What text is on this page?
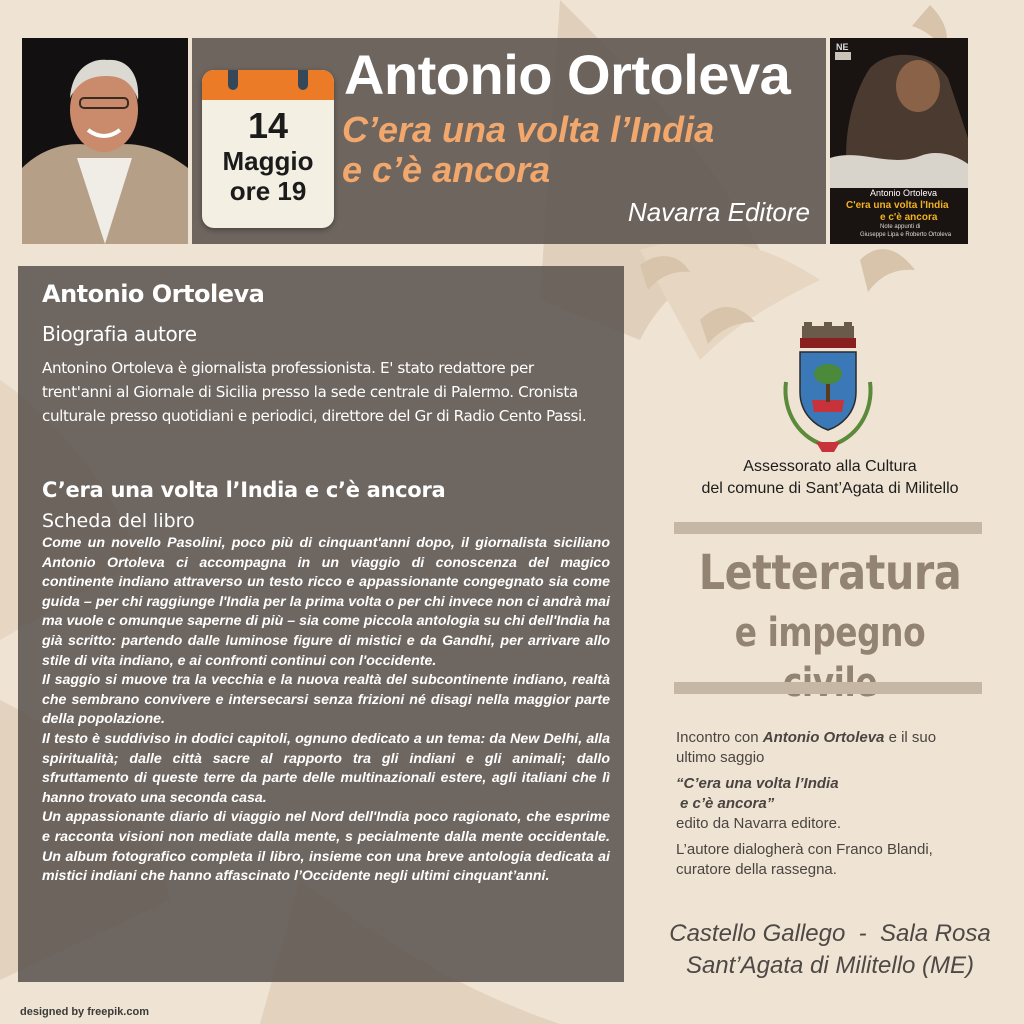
14
Maggio
ore 19
Antonio Ortoleva
C’era una volta l’India
e c’è ancora
Navarra Editore
NE
Antonio Ortoleva
C'era una volta l'India
e c'è ancora
Note appunti di
Giuseppe Lipa e Roberto Ortoleva
Antonio Ortoleva
Biografia autore
Antonino Ortoleva è giornalista professionista. E' stato redattore per trent'anni al Giornale di Sicilia presso la sede centrale di Palermo. Cronista culturale presso quotidiani e periodici, direttore del Gr di Radio Cento Passi.
C’era una volta l’India e c’è ancora
Scheda del libro

Come un novello Pasolini, poco più di cinquant'anni dopo, il giornalista siciliano Antonio Ortoleva ci accompagna in un viaggio di conoscenza del magico continente indiano attraverso un testo ricco e appassionante congegnato sia come guida – per chi raggiunge l'India per la prima volta o per chi invece non ci andrà mai ma vuole c omunque saperne di più – sia come piccola antologia su chi dell'India ha già scritto: partendo dalle luminose figure di mistici e da Gandhi, per arrivare allo stile di vita indiano, e ai confronti continui con l'occidente.

Il saggio si muove tra la vecchia e la nuova realtà del subcontinente indiano, realtà che sembrano convivere e intersecarsi senza frizioni né disagi nella maggior parte della popolazione.

Il testo è suddiviso in dodici capitoli, ognuno dedicato a un tema: da New Delhi, alla spiritualità; dalle città sacre al rapporto tra gli indiani e gli animali; dallo sfruttamento di queste terre da parte delle multinazionali estere, agli italiani che lì hanno trovato una seconda casa.

Un appassionante diario di viaggio nel Nord dell'India poco ragionato, che esprime e racconta visioni non mediate dalla mente, s pecialmente dalla mente occidentale. Un album fotografico completa il libro, insieme con una breve antologia dedicata ai mistici indiani che hanno affascinato l’Occidente negli ultimi cinquant’anni.

Assessorato alla Cultura
del comune di Sant’Agata di Militello
Letteratura
e impegno
Incontro con Antonio Ortoleva e il suo
ultimo saggio
“C’era una volta l’India
e c’è ancora”
edito da Navarra editore.
L’autore dialogherà con Franco Blandi,
curatore della rassegna.
Castello Gallego  -  Sala Rosa
Sant’Agata di Militello (ME)
designed by freepik.com
